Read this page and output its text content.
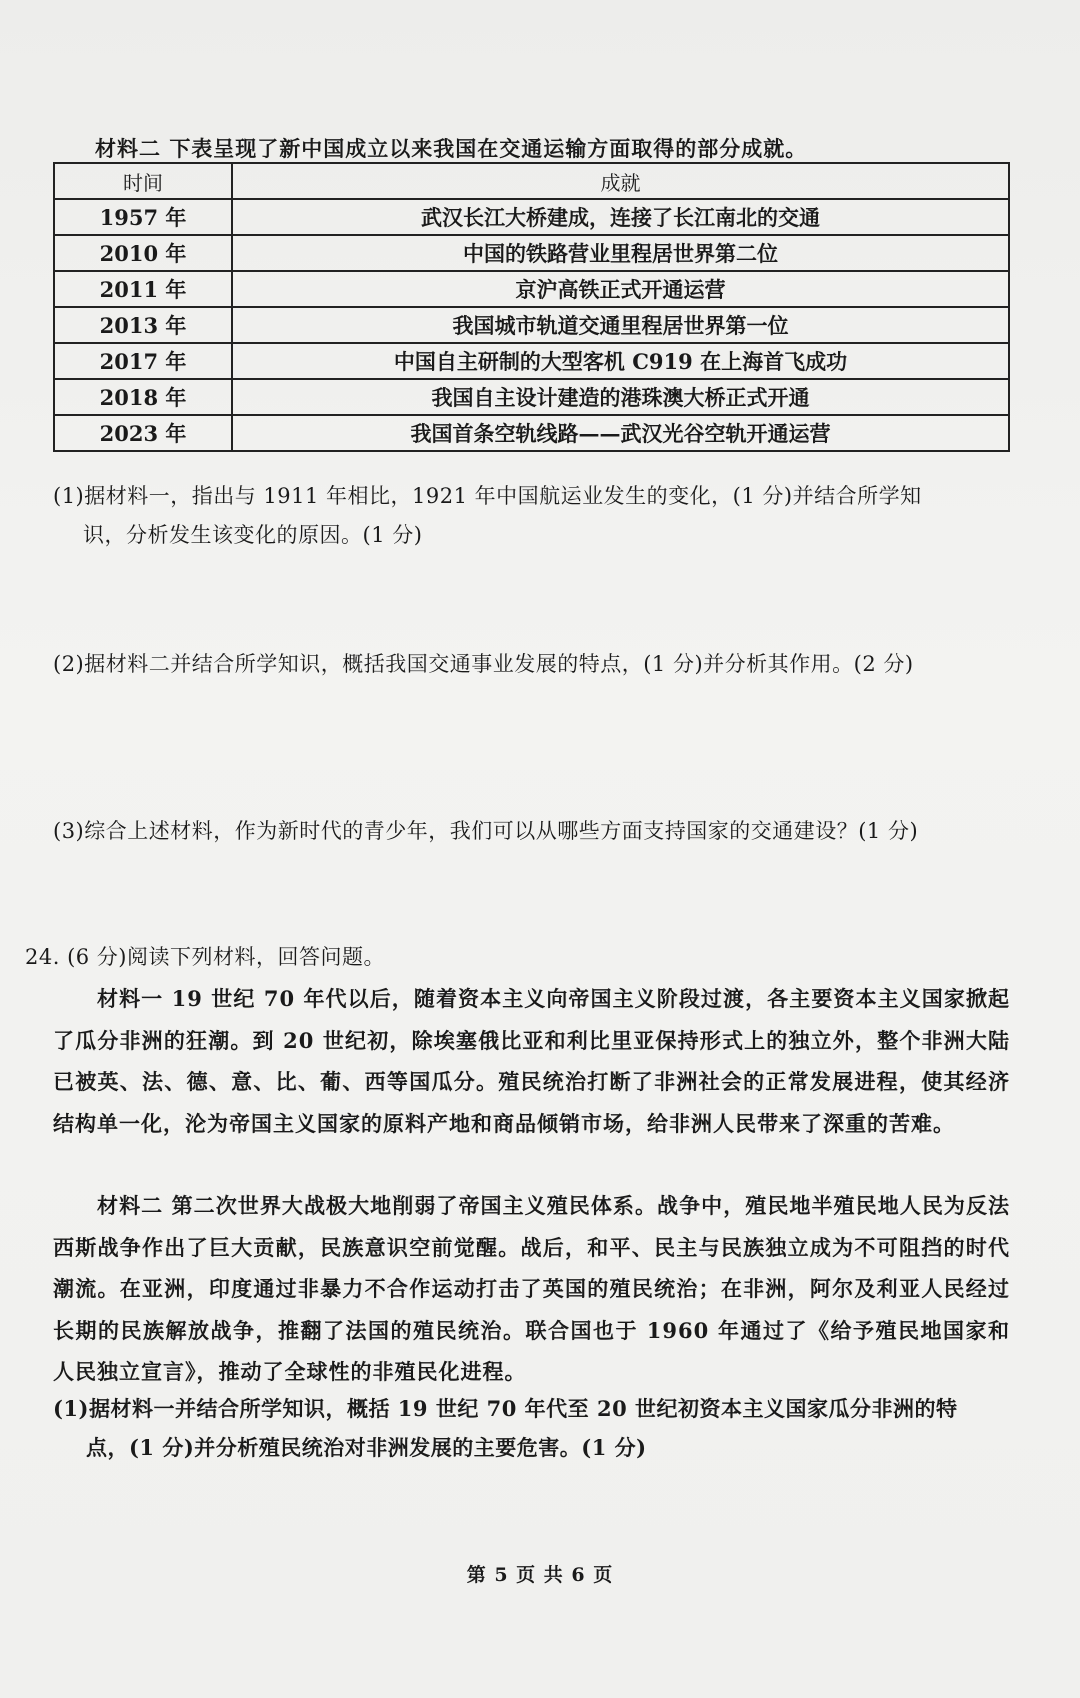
材料二 下表呈现了新中国成立以来我国在交通运输方面取得的部分成就。
时间	成就
1957 年	武汉长江大桥建成，连接了长江南北的交通
2010 年	中国的铁路营业里程居世界第二位
2011 年	京沪高铁正式开通运营
2013 年	我国城市轨道交通里程居世界第一位
2017 年	中国自主研制的大型客机 C919 在上海首飞成功
2018 年	我国自主设计建造的港珠澳大桥正式开通
2023 年	我国首条空轨线路——武汉光谷空轨开通运营
(1)据材料一，指出与 1911 年相比，1921 年中国航运业发生的变化，(1 分)并结合所学知
识，分析发生该变化的原因。(1 分)
(2)据材料二并结合所学知识，概括我国交通事业发展的特点，(1 分)并分析其作用。(2 分)
(3)综合上述材料，作为新时代的青少年，我们可以从哪些方面支持国家的交通建设？(1 分)
24. (6 分)阅读下列材料，回答问题。
材料一 19 世纪 70 年代以后，随着资本主义向帝国主义阶段过渡，各主要资本主义国家掀起了瓜分非洲的狂潮。到 20 世纪初，除埃塞俄比亚和利比里亚保持形式上的独立外，整个非洲大陆已被英、法、德、意、比、葡、西等国瓜分。殖民统治打断了非洲社会的正常发展进程，使其经济结构单一化，沦为帝国主义国家的原料产地和商品倾销市场，给非洲人民带来了深重的苦难。
材料二 第二次世界大战极大地削弱了帝国主义殖民体系。战争中，殖民地半殖民地人民为反法西斯战争作出了巨大贡献，民族意识空前觉醒。战后，和平、民主与民族独立成为不可阻挡的时代潮流。在亚洲，印度通过非暴力不合作运动打击了英国的殖民统治；在非洲，阿尔及利亚人民经过长期的民族解放战争，推翻了法国的殖民统治。联合国也于 1960 年通过了《给予殖民地国家和人民独立宣言》，推动了全球性的非殖民化进程。
(1)据材料一并结合所学知识，概括 19 世纪 70 年代至 20 世纪初资本主义国家瓜分非洲的特
点，(1 分)并分析殖民统治对非洲发展的主要危害。(1 分)
第 5 页 共 6 页
